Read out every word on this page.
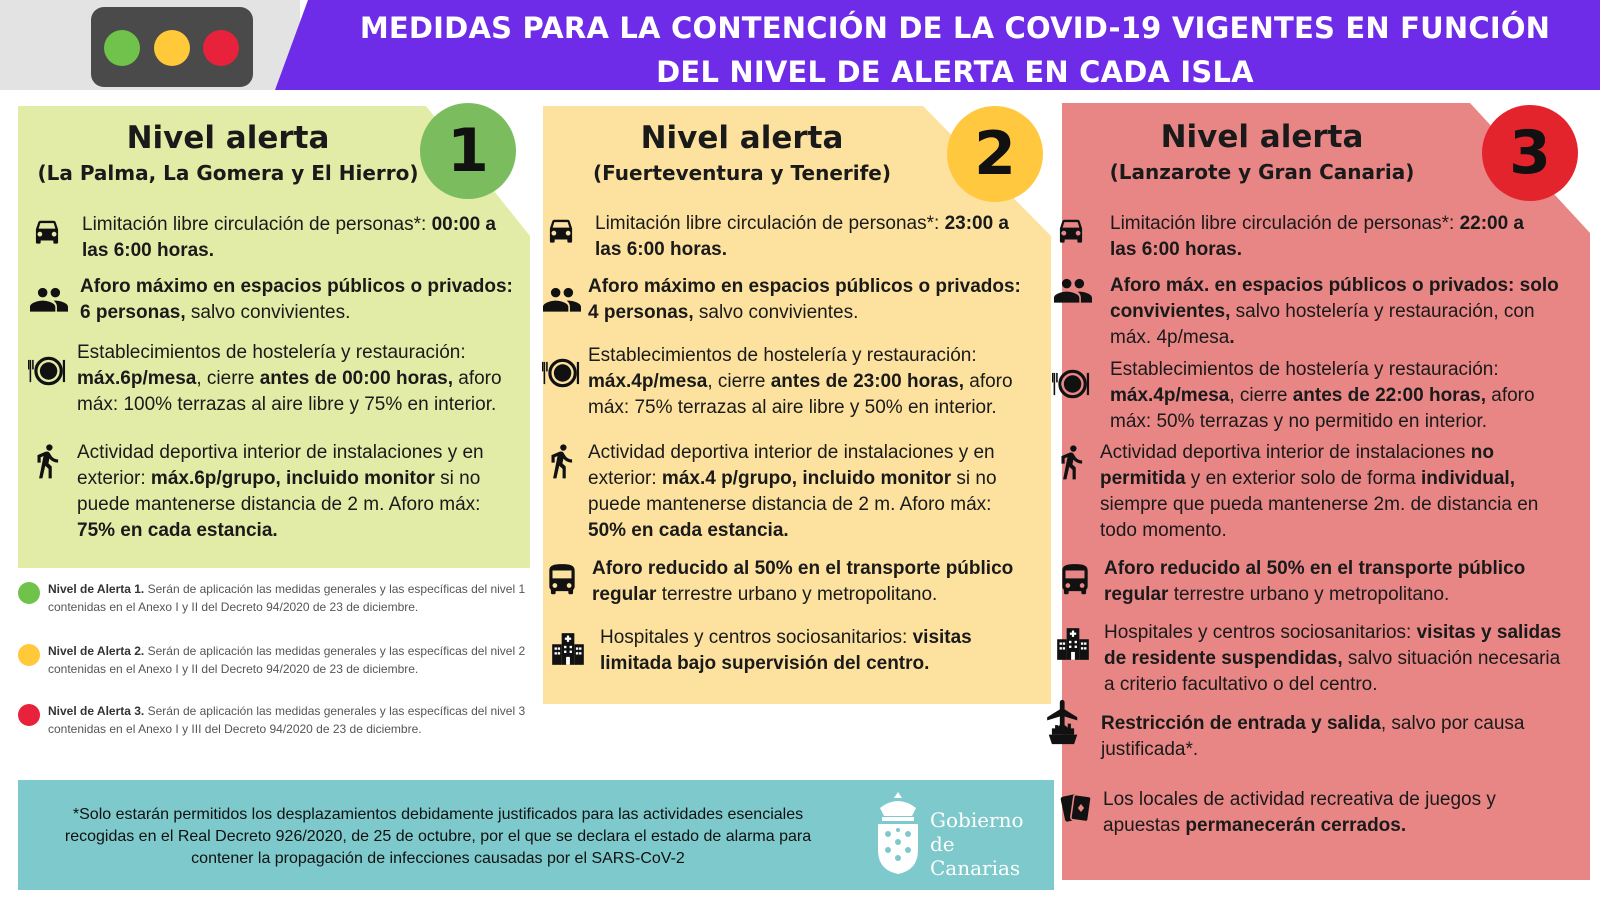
MEDIDAS PARA LA CONTENCIÓN DE LA COVID-19 VIGENTES EN FUNCIÓN
DEL NIVEL DE ALERTA EN CADA ISLA
1
Nivel alerta
(La Palma, La Gomera y El Hierro)
Limitación libre circulación de personas*: 00:00 a las 6:00 horas.
Aforo máximo en espacios públicos o privados: 6 personas, salvo convivientes.
Establecimientos de hostelería y restauración: máx.6p/mesa, cierre antes de 00:00 horas, aforo máx: 100% terrazas al aire libre y 75% en interior.
Actividad deportiva interior de instalaciones y en exterior: máx.6p/grupo, incluido monitor si no puede mantenerse distancia de 2 m. Aforo máx: 75% en cada estancia.
2
Nivel alerta
(Fuerteventura y Tenerife)
Limitación libre circulación de personas*: 23:00 a las 6:00 horas.
Aforo máximo en espacios públicos o privados: 4 personas, salvo convivientes.
Establecimientos de hostelería y restauración: máx.4p/mesa, cierre antes de 23:00 horas, aforo máx: 75% terrazas al aire libre y 50% en interior.
Actividad deportiva interior de instalaciones y en exterior: máx.4 p/grupo, incluido monitor si no puede mantenerse distancia de 2 m. Aforo máx: 50% en cada estancia.
Aforo reducido al 50% en el transporte público regular terrestre urbano y metropolitano.
Hospitales y centros sociosanitarios: visitas limitada bajo supervisión del centro.
3
Nivel alerta
(Lanzarote y Gran Canaria)
Limitación libre circulación de personas*: 22:00 a las 6:00 horas.
Aforo máx. en espacios públicos o privados: solo convivientes, salvo hostelería y restauración, con máx. 4p/mesa.
Establecimientos de hostelería y restauración: máx.4p/mesa, cierre antes de 22:00 horas, aforo máx: 50% terrazas y no permitido en interior.
Actividad deportiva interior de instalaciones no permitida y en exterior solo de forma individual, siempre que pueda mantenerse 2m. de distancia en todo momento.
Aforo reducido al 50% en el transporte público regular terrestre urbano y metropolitano.
Hospitales y centros sociosanitarios: visitas y salidas de residente suspendidas, salvo situación necesaria a criterio facultativo o del centro.
Restricción de entrada y salida, salvo por causa justificada*.
Los locales de actividad recreativa de juegos y apuestas permanecerán cerrados.
Nivel de Alerta 1. Serán de aplicación las medidas generales y las específicas del nivel 1 contenidas en el Anexo I y II del Decreto 94/2020 de 23 de diciembre.
Nivel de Alerta 2. Serán de aplicación las medidas generales y las específicas del nivel 2 contenidas en el Anexo I y II del Decreto 94/2020 de 23 de diciembre.
Nivel de Alerta 3. Serán de aplicación las medidas generales y las específicas del nivel 3 contenidas en el Anexo I y III del Decreto 94/2020 de 23 de diciembre.
*Solo estarán permitidos los desplazamientos debidamente justificados para las actividades esenciales recogidas en el Real Decreto 926/2020, de 25 de octubre, por el que se declara el estado de alarma para contener la propagación de infecciones causadas por el SARS-CoV-2
Gobierno
de Canarias
